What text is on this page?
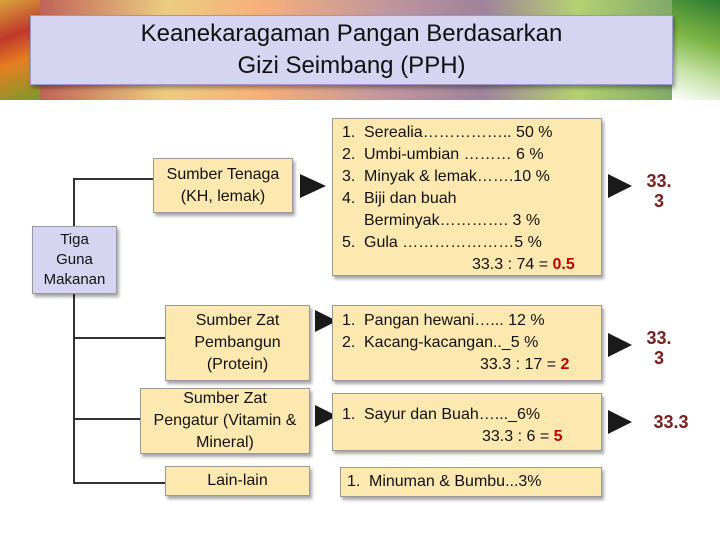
Keanekaragaman Pangan Berdasarkan
Gizi Seimbang (PPH)
Tiga
Guna
Makanan
Sumber Tenaga
(KH, lemak)
1. Serealia…………….. 50 %
2. Umbi-umbian ……… 6 %
3. Minyak & lemak…….10 %
4. Biji dan buah
Berminyak…………. 3 %
5. Gula …………………5 %
33.3 : 74 = 0.5
33.
3
Sumber Zat
Pembangun
(Protein)
1. Pangan hewani…... 12 %
2. Kacang-kacangan.._5 %
33.3 : 17 = 2
33.
3
Sumber Zat
Pengatur (Vitamin &
Mineral)
1. Sayur dan Buah…..._6%
33.3 : 6 = 5
33.3
Lain-lain	1. Minuman & Bumbu...3%
